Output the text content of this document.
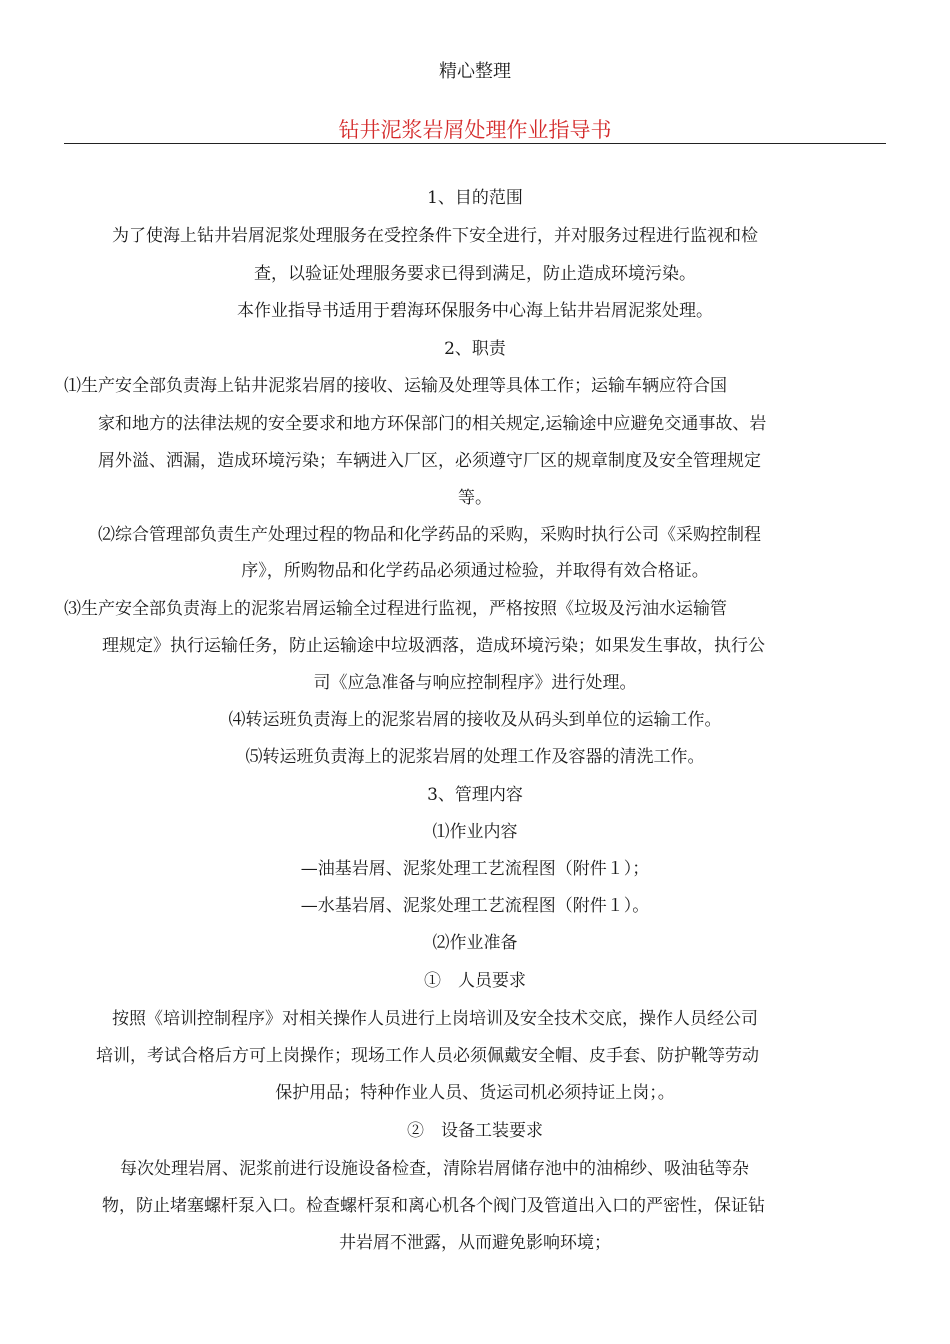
精心整理
钻井泥浆岩屑处理作业指导书
1、目的范围
为了使海上钻井岩屑泥浆处理服务在受控条件下安全进行，并对服务过程进行监视和检
查，以验证处理服务要求已得到满足，防止造成环境污染。
本作业指导书适用于碧海环保服务中心海上钻井岩屑泥浆处理。
2、职责
⑴生产安全部负责海上钻井泥浆岩屑的接收、运输及处理等具体工作；运输车辆应符合国
家和地方的法律法规的安全要求和地方环保部门的相关规定,运输途中应避免交通事故、岩
屑外溢、洒漏，造成环境污染；车辆进入厂区，必须遵守厂区的规章制度及安全管理规定
等。
⑵综合管理部负责生产处理过程的物品和化学药品的采购，采购时执行公司《采购控制程
序》，所购物品和化学药品必须通过检验，并取得有效合格证。
⑶生产安全部负责海上的泥浆岩屑运输全过程进行监视，严格按照《垃圾及污油水运输管
理规定》执行运输任务，防止运输途中垃圾洒落，造成环境污染；如果发生事故，执行公
司《应急准备与响应控制程序》进行处理。
⑷转运班负责海上的泥浆岩屑的接收及从码头到单位的运输工作。
⑸转运班负责海上的泥浆岩屑的处理工作及容器的清洗工作。
3、管理内容
⑴作业内容
—油基岩屑、泥浆处理工艺流程图（附件１）；
—水基岩屑、泥浆处理工艺流程图（附件１）。
⑵作业准备
①　人员要求
按照《培训控制程序》对相关操作人员进行上岗培训及安全技术交底，操作人员经公司
培训，考试合格后方可上岗操作；现场工作人员必须佩戴安全帽、皮手套、防护靴等劳动
保护用品；特种作业人员、货运司机必须持证上岗；。
②　设备工装要求
每次处理岩屑、泥浆前进行设施设备检查，清除岩屑储存池中的油棉纱、吸油毡等杂
物，防止堵塞螺杆泵入口。检查螺杆泵和离心机各个阀门及管道出入口的严密性，保证钻
井岩屑不泄露，从而避免影响环境；
